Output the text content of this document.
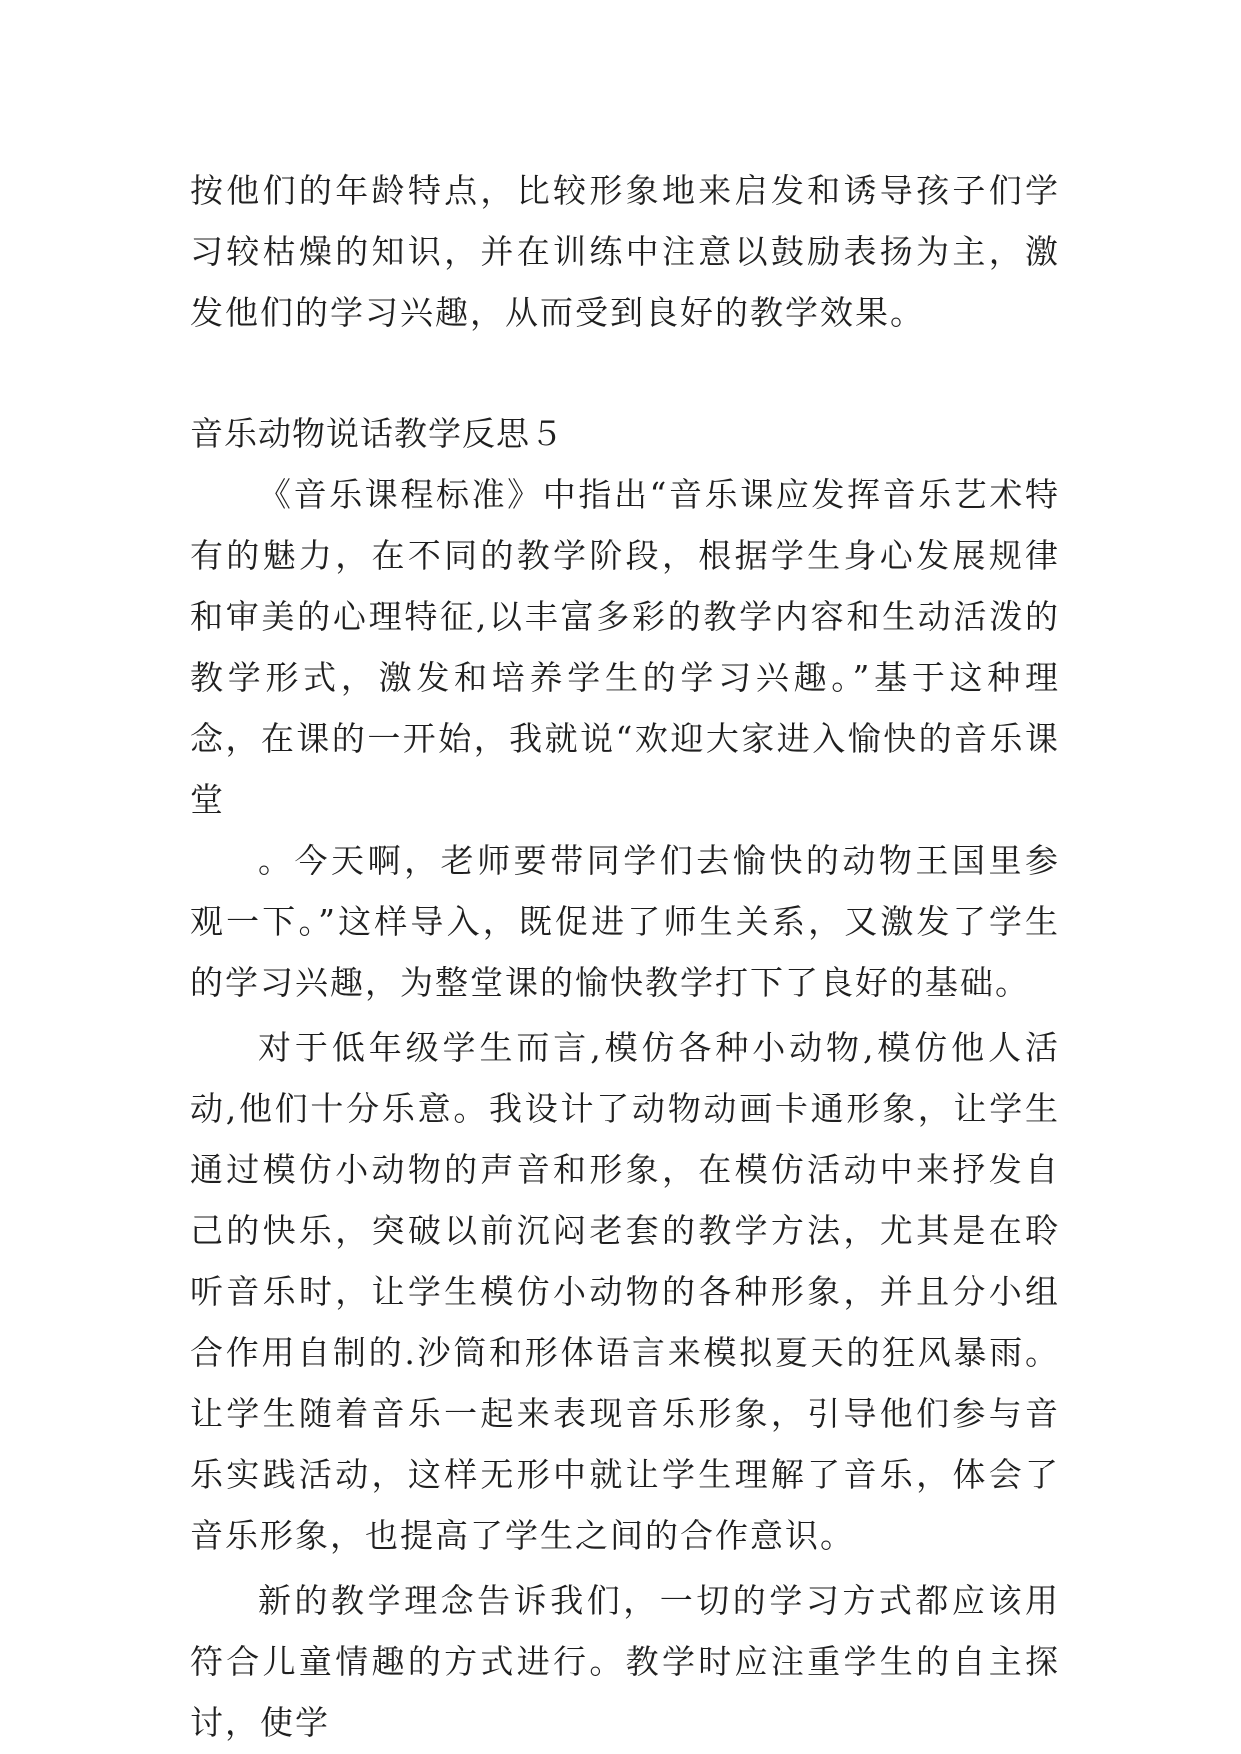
按他们的年龄特点，比较形象地来启发和诱导孩子们学习较枯燥的知识，并在训练中注意以鼓励表扬为主，激发他们的学习兴趣，从而受到良好的教学效果。

音乐动物说话教学反思５

《音乐课程标准》中指出“音乐课应发挥音乐艺术特有的魅力，在不同的教学阶段，根据学生身心发展规律和审美的心理特征,以丰富多彩的教学内容和生动活泼的教学形式，激发和培养学生的学习兴趣。”基于这种理念，在课的一开始，我就说“欢迎大家进入愉快的音乐课堂

。今天啊，老师要带同学们去愉快的动物王国里参观一下。”这样导入，既促进了师生关系，又激发了学生的学习兴趣，为整堂课的愉快教学打下了良好的基础。

对于低年级学生而言,模仿各种小动物,模仿他人活动,他们十分乐意。我设计了动物动画卡通形象，让学生通过模仿小动物的声音和形象，在模仿活动中来抒发自己的快乐，突破以前沉闷老套的教学方法，尤其是在聆听音乐时，让学生模仿小动物的各种形象，并且分小组合作用自制的.沙筒和形体语言来模拟夏天的狂风暴雨。让学生随着音乐一起来表现音乐形象，引导他们参与音乐实践活动，这样无形中就让学生理解了音乐，体会了音乐形象，也提高了学生之间的合作意识。

新的教学理念告诉我们，一切的学习方式都应该用符合儿童情趣的方式进行。教学时应注重学生的自主探讨，使学
